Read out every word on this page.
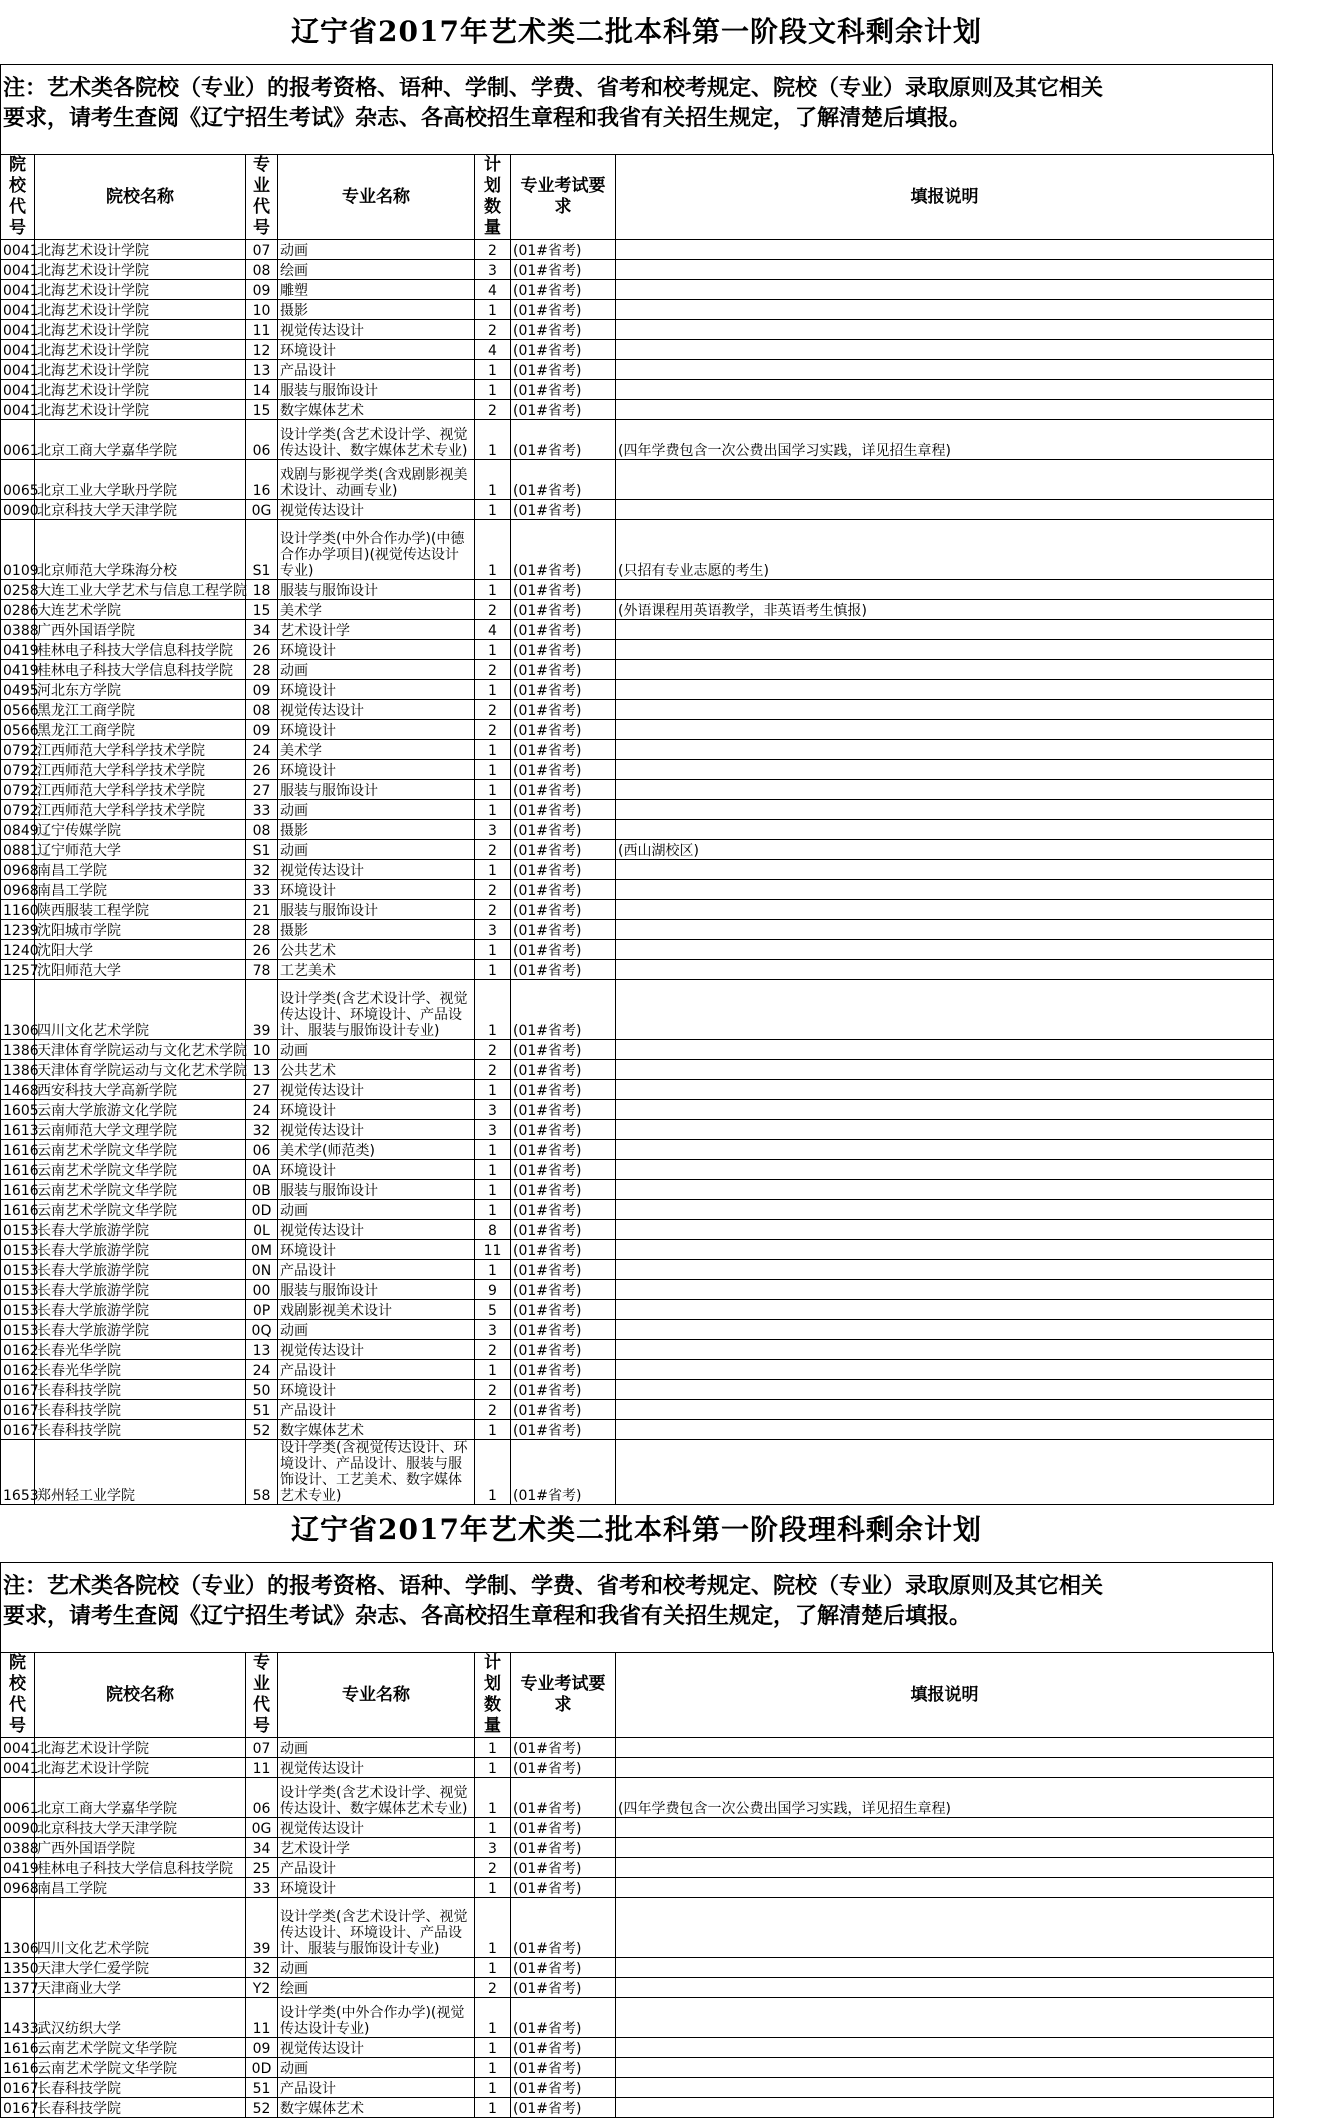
辽宁省2017年艺术类二批本科第一阶段文科剩余计划
注：艺术类各院校（专业）的报考资格、语种、学制、学费、省考和校考规定、院校（专业）录取原则及其它相关
要求，请考生查阅《辽宁招生考试》杂志、各高校招生章程和我省有关招生规定，了解清楚后填报。
院校代号	院校名称	专业代号	专业名称	计划数量	专业考试要求	填报说明
0041	北海艺术设计学院	07	动画	2	(01#省考)	
0041	北海艺术设计学院	08	绘画	3	(01#省考)	
0041	北海艺术设计学院	09	雕塑	4	(01#省考)	
0041	北海艺术设计学院	10	摄影	1	(01#省考)	
0041	北海艺术设计学院	11	视觉传达设计	2	(01#省考)	
0041	北海艺术设计学院	12	环境设计	4	(01#省考)	
0041	北海艺术设计学院	13	产品设计	1	(01#省考)	
0041	北海艺术设计学院	14	服装与服饰设计	1	(01#省考)	
0041	北海艺术设计学院	15	数字媒体艺术	2	(01#省考)	
0061	北京工商大学嘉华学院	06	设计学类(含艺术设计学、视觉传达设计、数字媒体艺术专业)	1	(01#省考)	(四年学费包含一次公费出国学习实践，详见招生章程)
0065	北京工业大学耿丹学院	16	戏剧与影视学类(含戏剧影视美术设计、动画专业)	1	(01#省考)	
0090	北京科技大学天津学院	0G	视觉传达设计	1	(01#省考)	
0109	北京师范大学珠海分校	S1	设计学类(中外合作办学)(中德合作办学项目)(视觉传达设计专业)	1	(01#省考)	(只招有专业志愿的考生)
0258	大连工业大学艺术与信息工程学院	18	服装与服饰设计	1	(01#省考)	
0286	大连艺术学院	15	美术学	2	(01#省考)	(外语课程用英语教学，非英语考生慎报)
0388	广西外国语学院	34	艺术设计学	4	(01#省考)	
0419	桂林电子科技大学信息科技学院	26	环境设计	1	(01#省考)	
0419	桂林电子科技大学信息科技学院	28	动画	2	(01#省考)	
0495	河北东方学院	09	环境设计	1	(01#省考)	
0566	黑龙江工商学院	08	视觉传达设计	2	(01#省考)	
0566	黑龙江工商学院	09	环境设计	2	(01#省考)	
0792	江西师范大学科学技术学院	24	美术学	1	(01#省考)	
0792	江西师范大学科学技术学院	26	环境设计	1	(01#省考)	
0792	江西师范大学科学技术学院	27	服装与服饰设计	1	(01#省考)	
0792	江西师范大学科学技术学院	33	动画	1	(01#省考)	
0849	辽宁传媒学院	08	摄影	3	(01#省考)	
0881	辽宁师范大学	S1	动画	2	(01#省考)	(西山湖校区)
0968	南昌工学院	32	视觉传达设计	1	(01#省考)	
0968	南昌工学院	33	环境设计	2	(01#省考)	
1160	陕西服装工程学院	21	服装与服饰设计	2	(01#省考)	
1239	沈阳城市学院	28	摄影	3	(01#省考)	
1240	沈阳大学	26	公共艺术	1	(01#省考)	
1257	沈阳师范大学	78	工艺美术	1	(01#省考)	
1306	四川文化艺术学院	39	设计学类(含艺术设计学、视觉传达设计、环境设计、产品设计、服装与服饰设计专业)	1	(01#省考)	
1386	天津体育学院运动与文化艺术学院	10	动画	2	(01#省考)	
1386	天津体育学院运动与文化艺术学院	13	公共艺术	2	(01#省考)	
1468	西安科技大学高新学院	27	视觉传达设计	1	(01#省考)	
1605	云南大学旅游文化学院	24	环境设计	3	(01#省考)	
1613	云南师范大学文理学院	32	视觉传达设计	3	(01#省考)	
1616	云南艺术学院文华学院	06	美术学(师范类)	1	(01#省考)	
1616	云南艺术学院文华学院	0A	环境设计	1	(01#省考)	
1616	云南艺术学院文华学院	0B	服装与服饰设计	1	(01#省考)	
1616	云南艺术学院文华学院	0D	动画	1	(01#省考)	
0153	长春大学旅游学院	0L	视觉传达设计	8	(01#省考)	
0153	长春大学旅游学院	0M	环境设计	11	(01#省考)	
0153	长春大学旅游学院	0N	产品设计	1	(01#省考)	
0153	长春大学旅游学院	00	服装与服饰设计	9	(01#省考)	
0153	长春大学旅游学院	0P	戏剧影视美术设计	5	(01#省考)	
0153	长春大学旅游学院	0Q	动画	3	(01#省考)	
0162	长春光华学院	13	视觉传达设计	2	(01#省考)	
0162	长春光华学院	24	产品设计	1	(01#省考)	
0167	长春科技学院	50	环境设计	2	(01#省考)	
0167	长春科技学院	51	产品设计	2	(01#省考)	
0167	长春科技学院	52	数字媒体艺术	1	(01#省考)	
1653	郑州轻工业学院	58	设计学类(含视觉传达设计、环境设计、产品设计、服装与服饰设计、工艺美术、数字媒体艺术专业)	1	(01#省考)	
辽宁省2017年艺术类二批本科第一阶段理科剩余计划
注：艺术类各院校（专业）的报考资格、语种、学制、学费、省考和校考规定、院校（专业）录取原则及其它相关
要求，请考生查阅《辽宁招生考试》杂志、各高校招生章程和我省有关招生规定，了解清楚后填报。
院校代号	院校名称	专业代号	专业名称	计划数量	专业考试要求	填报说明
0041	北海艺术设计学院	07	动画	1	(01#省考)	
0041	北海艺术设计学院	11	视觉传达设计	1	(01#省考)	
0061	北京工商大学嘉华学院	06	设计学类(含艺术设计学、视觉传达设计、数字媒体艺术专业)	1	(01#省考)	(四年学费包含一次公费出国学习实践，详见招生章程)
0090	北京科技大学天津学院	0G	视觉传达设计	1	(01#省考)	
0388	广西外国语学院	34	艺术设计学	3	(01#省考)	
0419	桂林电子科技大学信息科技学院	25	产品设计	2	(01#省考)	
0968	南昌工学院	33	环境设计	1	(01#省考)	
1306	四川文化艺术学院	39	设计学类(含艺术设计学、视觉传达设计、环境设计、产品设计、服装与服饰设计专业)	1	(01#省考)	
1350	天津大学仁爱学院	32	动画	1	(01#省考)	
1377	天津商业大学	Y2	绘画	2	(01#省考)	
1433	武汉纺织大学	11	设计学类(中外合作办学)(视觉传达设计专业)	1	(01#省考)	
1616	云南艺术学院文华学院	09	视觉传达设计	1	(01#省考)	
1616	云南艺术学院文华学院	0D	动画	1	(01#省考)	
0167	长春科技学院	51	产品设计	1	(01#省考)	
0167	长春科技学院	52	数字媒体艺术	1	(01#省考)	
